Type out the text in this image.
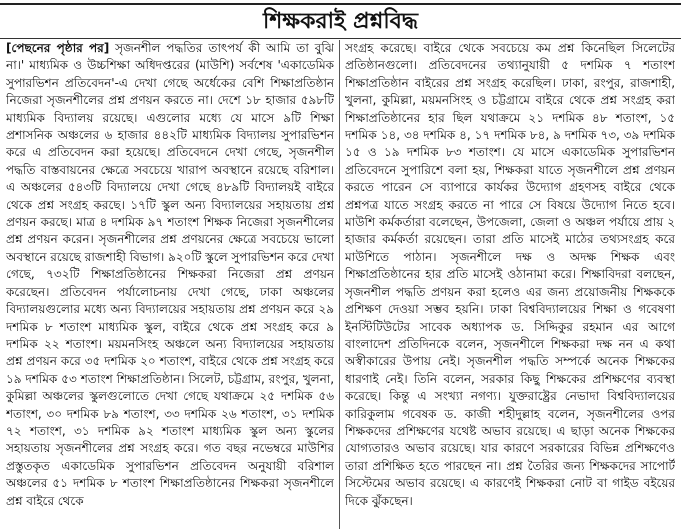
শিক্ষকরাই প্রশ্নবিদ্ধ

[পেছনের পৃষ্ঠার পর] সৃজনশীল পদ্ধতির তাৎপর্য কী আমি তা বুঝি না।' মাধ্যমিক ও উচ্চশিক্ষা অধিদপ্তরের (মাউশি) সর্বশেষ 'একাডেমিক সুপারভিশন প্রতিবেদন'-এ দেখা গেছে অর্ধেকের বেশি শিক্ষাপ্রতিষ্ঠান নিজেরা সৃজনশীলের প্রশ্ন প্রণয়ন করতে না। দেশে ১৮ হাজার ৫৯৮টি মাধ্যমিক বিদ্যালয় রয়েছে। এগুলোর মধ্যে যে মাসে ৯টি শিক্ষা প্রশাসনিক অঞ্চলের ৬ হাজার ৪৪২টি মাধ্যমিক বিদ্যালয় সুপারভিশন করে এ প্রতিবেদন করা হয়েছে। প্রতিবেদনে দেখা গেছে, সৃজনশীল পদ্ধতি বাস্তবায়নের ক্ষেত্রে সবচেয়ে খারাপ অবস্থানে রয়েছে বরিশাল। এ অঞ্চলের ৫৪৩টি বিদ্যালয়ে দেখা গেছে ৪৮৯টি বিদ্যালয়ই বাইরে থেকে প্রশ্ন সংগ্রহ করছে। ১৭টি স্কুল অন্য বিদ্যালয়ের সহায়তায় প্রশ্ন প্রণয়ন করছে। মাত্র ৪ দশমিক ৯৭ শতাংশ শিক্ষক নিজেরা সৃজনশীলের প্রশ্ন প্রণয়ন করেন। সৃজনশীলের প্রশ্ন প্রণয়নের ক্ষেত্রে সবচেয়ে ভালো অবস্থানে রয়েছে রাজশাহী বিভাগ। ৯২০টি স্কুলে সুপারভিশন করে দেখা গেছে, ৭৩২টি শিক্ষাপ্রতিষ্ঠানের শিক্ষকরা নিজেরা প্রশ্ন প্রণয়ন করেছেন। প্রতিবেদন পর্যালোচনায় দেখা গেছে, ঢাকা অঞ্চলের বিদ্যালয়গুলোর মধ্যে অন্য বিদ্যালয়ের সহায়তায় প্রশ্ন প্রণয়ন করে ২৯ দশমিক ৮ শতাংশ মাধ্যমিক স্কুল, বাইরে থেকে প্রশ্ন সংগ্রহ করে ৯ দশমিক ২২ শতাংশ। ময়মনসিংহ অঞ্চলে অন্য বিদ্যালয়ের সহায়তায় প্রশ্ন প্রণয়ন করে ৩৫ দশমিক ২০ শতাংশ, বাইরে থেকে প্রশ্ন সংগ্রহ করে ১৯ দশমিক ৫৩ শতাংশ শিক্ষাপ্রতিষ্ঠান। সিলেট, চট্টগ্রাম, রংপুর, খুলনা, কুমিল্লা অঞ্চলের স্কুলগুলোতে দেখা গেছে যথাক্রমে ২৫ দশমিক ৫৬ শতাংশ, ৩০ দশমিক ৮৯ শতাংশ, ৩৩ দশমিক ২৬ শতাংশ, ৩১ দশমিক ৭২ শতাংশ, ৩১ দশমিক ৯২ শতাংশ মাধ্যমিক স্কুল অন্য স্কুলের সহায়তায় সৃজনশীলের প্রশ্ন সংগ্রহ করে। গত বছর নভেম্বরে মাউশির প্রস্তুতকৃত একাডেমিক সুপারভিশন প্রতিবেদন অনুযায়ী বরিশাল অঞ্চলের ৫১ দশমিক ৮ শতাংশ শিক্ষাপ্রতিষ্ঠানের শিক্ষকরা সৃজনশীলে প্রশ্ন বাইরে থেকে

সংগ্রহ করেছে। বাইরে থেকে সবচেয়ে কম প্রশ্ন কিনেছিল সিলেটের প্রতিষ্ঠানগুলো। প্রতিবেদনের তথ্যানুযায়ী ৫ দশমিক ৭ শতাংশ শিক্ষাপ্রতিষ্ঠান বাইরের প্রশ্ন সংগ্রহ করেছিল। ঢাকা, রংপুর, রাজশাহী, খুলনা, কুমিল্লা, ময়মনসিংহ ও চট্টগ্রামে বাইরে থেকে প্রশ্ন সংগ্রহ করা শিক্ষাপ্রতিষ্ঠানের হার ছিল যথাক্রমে ২১ দশমিক ৪৮ শতাংশ, ১৫ দশমিক ১৪, ৩৪ দশমিক ৪, ১৭ দশমিক ৮৪, ৯ দশমিক ৭৩, ৩৯ দশমিক ১৫ ও ১৯ দশমিক ৮৩ শতাংশ। যে মাসে একাডেমিক সুপারভিশন প্রতিবেদনে সুপারিশে বলা হয়, শিক্ষকরা যাতে সৃজনশীলে প্রশ্ন প্রণয়ন করতে পারেন সে ব্যাপারে কার্যকর উদ্যোগ গ্রহণসহ বাইরে থেকে প্রশ্নপত্র যাতে সংগ্রহ করতে না পারে সে বিষয়ে উদ্যোগ নিতে হবে। মাউশি কর্মকর্তারা বলেছেন, উপজেলা, জেলা ও অঞ্চল পর্যায়ে প্রায় ২ হাজার কর্মকর্তা রয়েছেন। তারা প্রতি মাসেই মাঠের তথ্যসংগ্রহ করে মাউশিতে পাঠান। সৃজনশীলে দক্ষ ও অদক্ষ শিক্ষক এবং শিক্ষাপ্রতিষ্ঠানের হার প্রতি মাসেই ওঠানামা করে। শিক্ষাবিদরা বলছেন, সৃজনশীল পদ্ধতি প্রণয়ন করা হলেও এর জন্য প্রয়োজনীয় শিক্ষককে প্রশিক্ষণ দেওয়া সম্ভব হয়নি। ঢাকা বিশ্ববিদ্যালয়ের শিক্ষা ও গবেষণা ইনস্টিটিউটের সাবেক অধ্যাপক ড. সিদ্দিকুর রহমান এর আগে বাংলাদেশ প্রতিদিনকে বলেন, সৃজনশীলে শিক্ষকরা দক্ষ নন এ কথা অস্বীকারের উপায় নেই। সৃজনশীল পদ্ধতি সম্পর্কে অনেক শিক্ষকের ধারণাই নেই। তিনি বলেন, সরকার কিছু শিক্ষকের প্রশিক্ষণের ব্যবস্থা করেছে। কিন্তু এ সংখ্যা নগণ্য। যুক্তরাষ্ট্রের নেভাদা বিশ্ববিদ্যালয়ের কারিকুলাম গবেষক ড. কাজী শহীদুল্লাহ বলেন, সৃজনশীলের ওপর শিক্ষকদের প্রশিক্ষণের যথেষ্ট অভাব রয়েছে। এ ছাড়া অনেক শিক্ষকের যোগ্যতারও অভাব রয়েছে। যার কারণে সরকারের বিভিন্ন প্রশিক্ষণেও তারা প্রশিক্ষিত হতে পারছেন না। প্রশ্ন তৈরির জন্য শিক্ষকদের সাপোর্ট সিস্টেমের অভাব রয়েছে। এ কারণেই শিক্ষকরা নোট বা গাইড বইয়ের দিকে ঝুঁকছেন।
